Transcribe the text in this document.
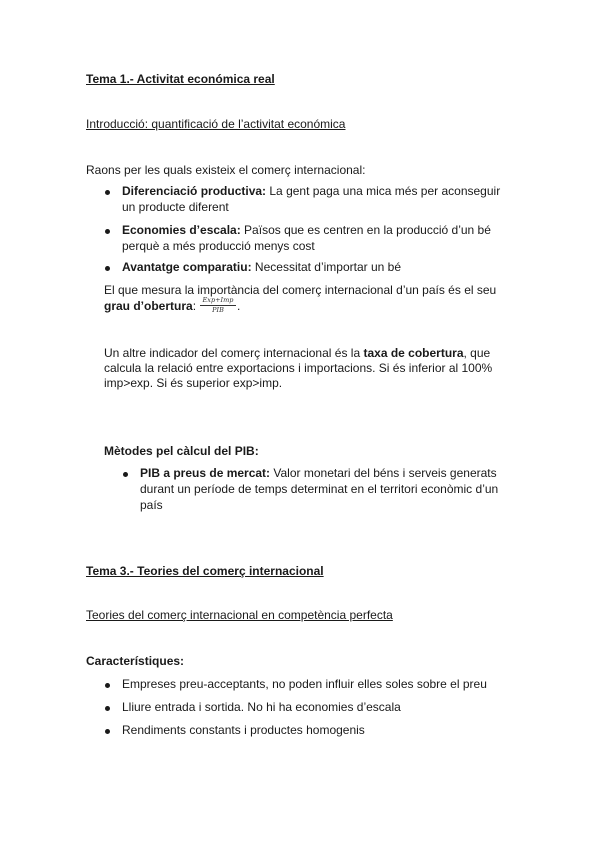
Tema 1.- Activitat económica real
Introducció: quantificació de l’activitat económica
Raons per les quals existeix el comerç internacional:
Diferenciació productiva: La gent paga una mica més per aconseguir
un producte diferent
Economies d’escala: Països que es centren en la producció d’un bé
perquè a més producció menys cost
Avantatge comparatiu: Necessitat d’importar un bé
El que mesura la importància del comerç internacional d’un país és el seu
grau d’obertura:	Exp+Imp
PIB	.
Un altre indicador del comerç internacional és la taxa de cobertura, que
calcula la relació entre exportacions i importacions. Si és inferior al 100%
imp>exp. Si és superior exp>imp.
Mètodes pel càlcul del PIB:
PIB a preus de mercat: Valor monetari del béns i serveis generats
durant un període de temps determinat en el territori econòmic d’un
país
Tema 3.- Teories del comerç internacional
Teories del comerç internacional en competència perfecta
Característiques:
Empreses preu-acceptants, no poden influir elles soles sobre el preu
Lliure entrada i sortida. No hi ha economies d’escala
Rendiments constants i productes homogenis
